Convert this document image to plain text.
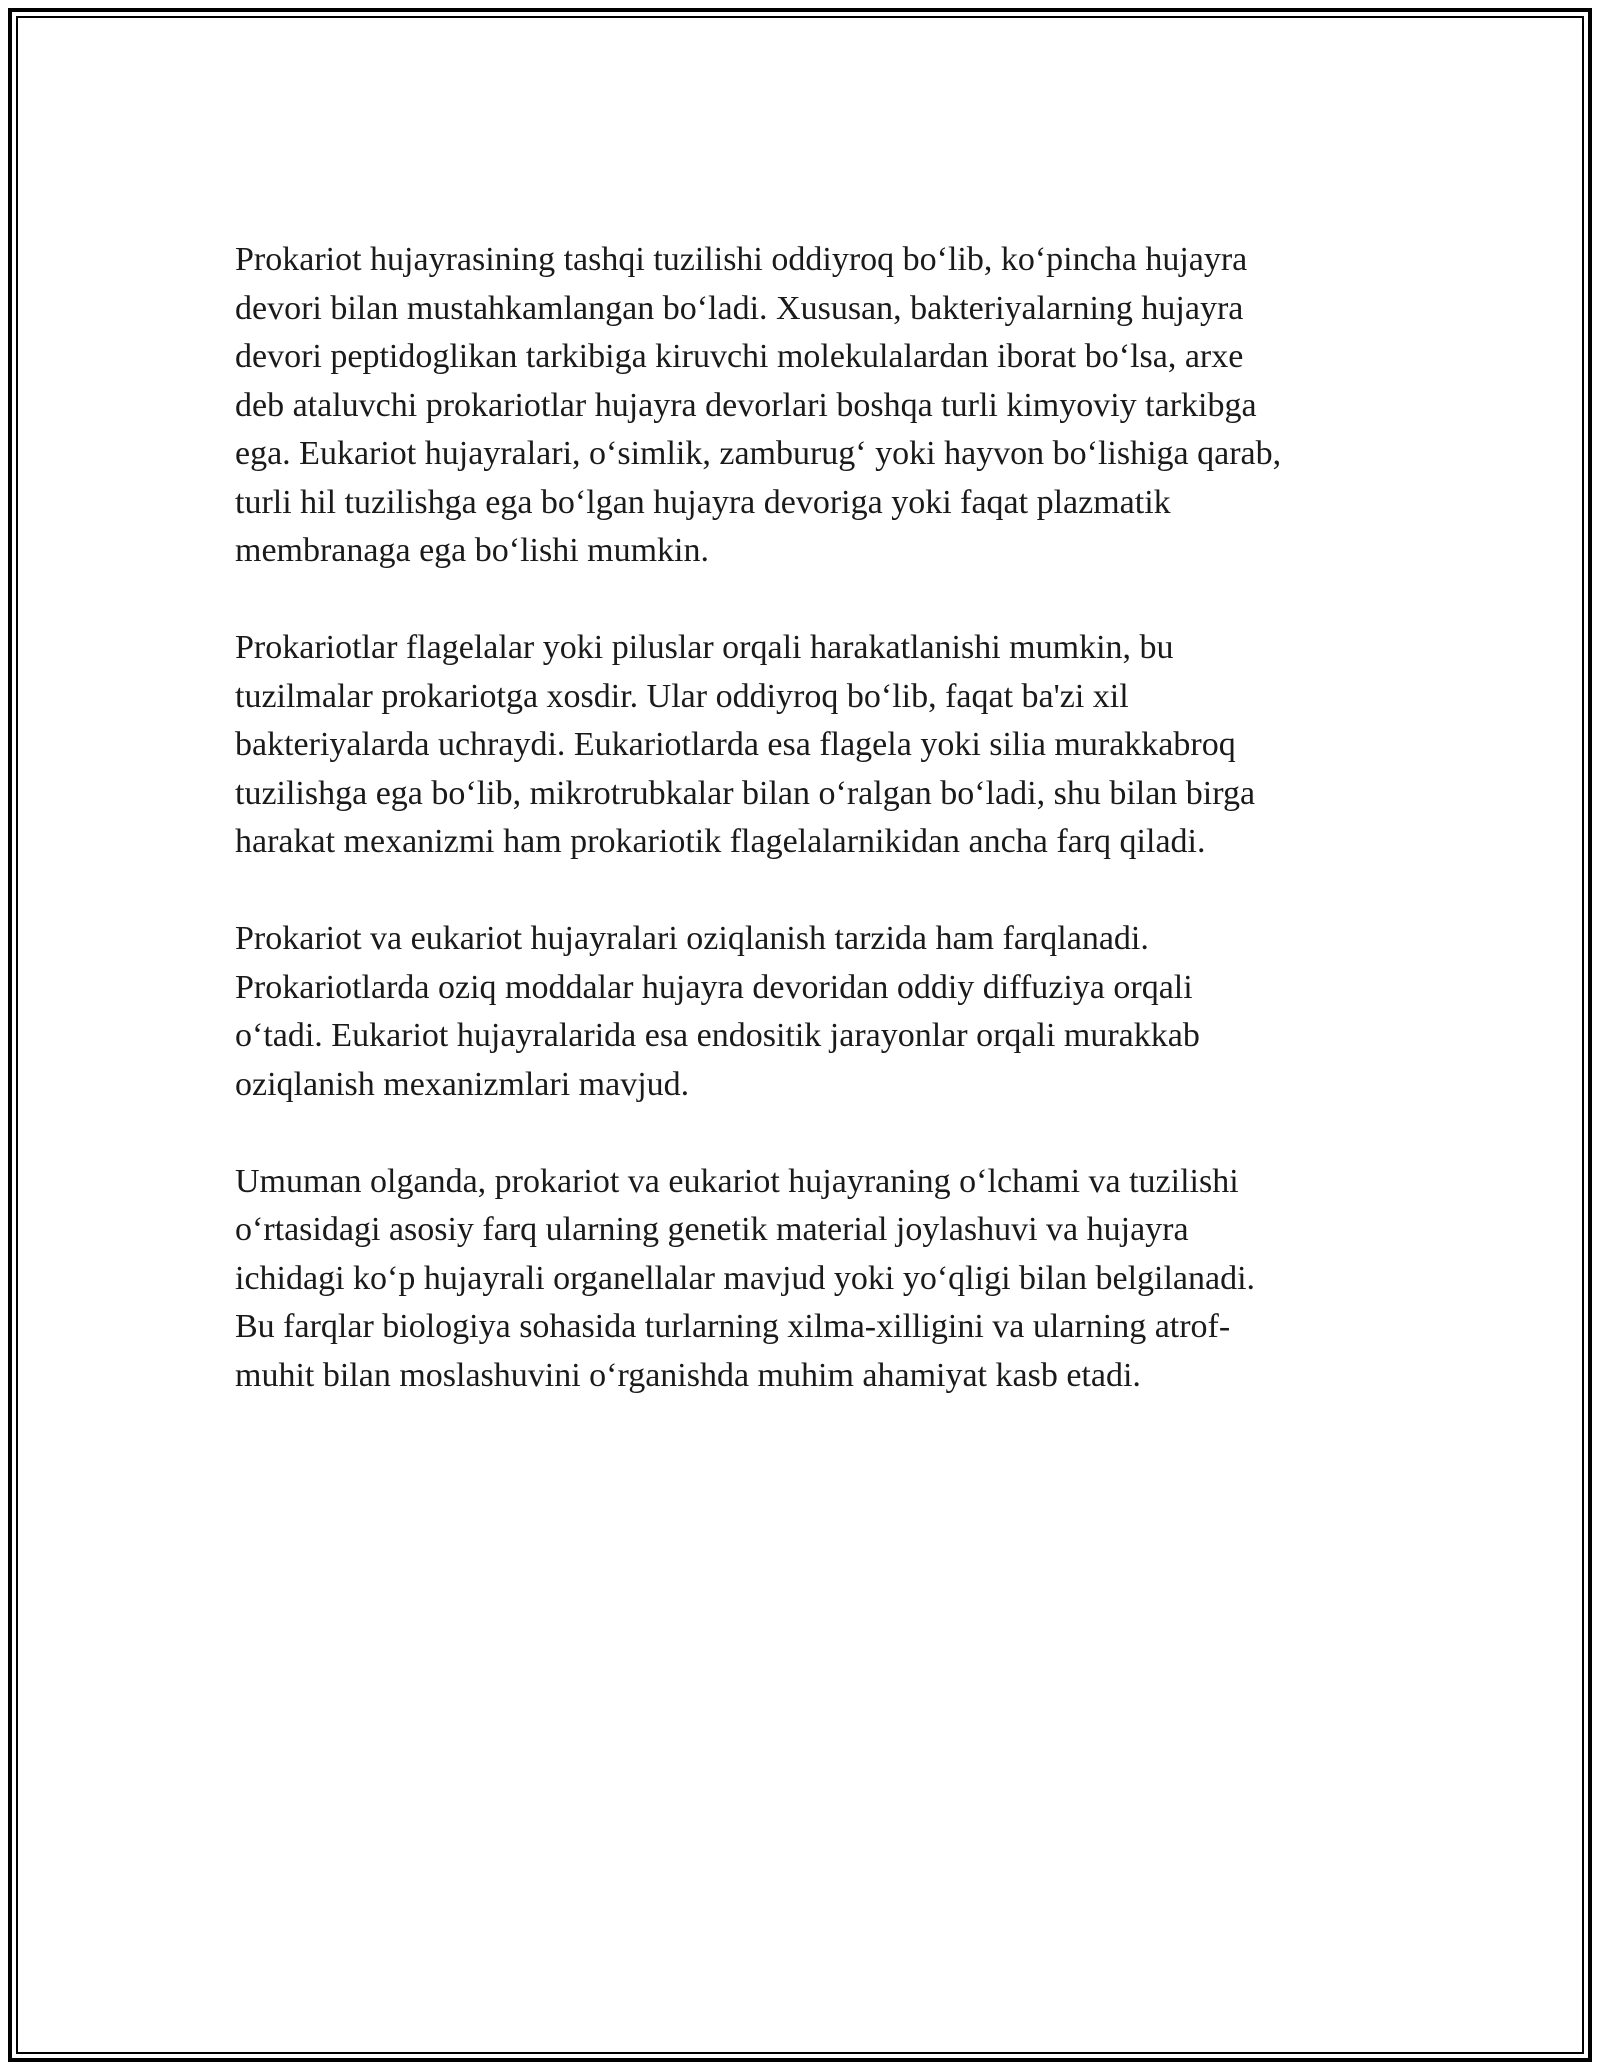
Prokariot hujayrasining tashqi tuzilishi oddiyroq bo‘lib, ko‘pincha hujayra
devori bilan mustahkamlangan bo‘ladi. Xususan, bakteriyalarning hujayra
devori peptidoglikan tarkibiga kiruvchi molekulalardan iborat bo‘lsa, arxe
deb ataluvchi prokariotlar hujayra devorlari boshqa turli kimyoviy tarkibga
ega. Eukariot hujayralari, o‘simlik, zamburug‘ yoki hayvon bo‘lishiga qarab,
turli hil tuzilishga ega bo‘lgan hujayra devoriga yoki faqat plazmatik
membranaga ega bo‘lishi mumkin.

Prokariotlar flagelalar yoki piluslar orqali harakatlanishi mumkin, bu
tuzilmalar prokariotga xosdir. Ular oddiyroq bo‘lib, faqat ba'zi xil
bakteriyalarda uchraydi. Eukariotlarda esa flagela yoki silia murakkabroq
tuzilishga ega bo‘lib, mikrotrubkalar bilan o‘ralgan bo‘ladi, shu bilan birga
harakat mexanizmi ham prokariotik flagelalarnikidan ancha farq qiladi.

Prokariot va eukariot hujayralari oziqlanish tarzida ham farqlanadi.
Prokariotlarda oziq moddalar hujayra devoridan oddiy diffuziya orqali
o‘tadi. Eukariot hujayralarida esa endositik jarayonlar orqali murakkab
oziqlanish mexanizmlari mavjud.

Umuman olganda, prokariot va eukariot hujayraning o‘lchami va tuzilishi
o‘rtasidagi asosiy farq ularning genetik material joylashuvi va hujayra
ichidagi ko‘p hujayrali organellalar mavjud yoki yo‘qligi bilan belgilanadi.
Bu farqlar biologiya sohasida turlarning xilma-xilligini va ularning atrof-
muhit bilan moslashuvini o‘rganishda muhim ahamiyat kasb etadi.
